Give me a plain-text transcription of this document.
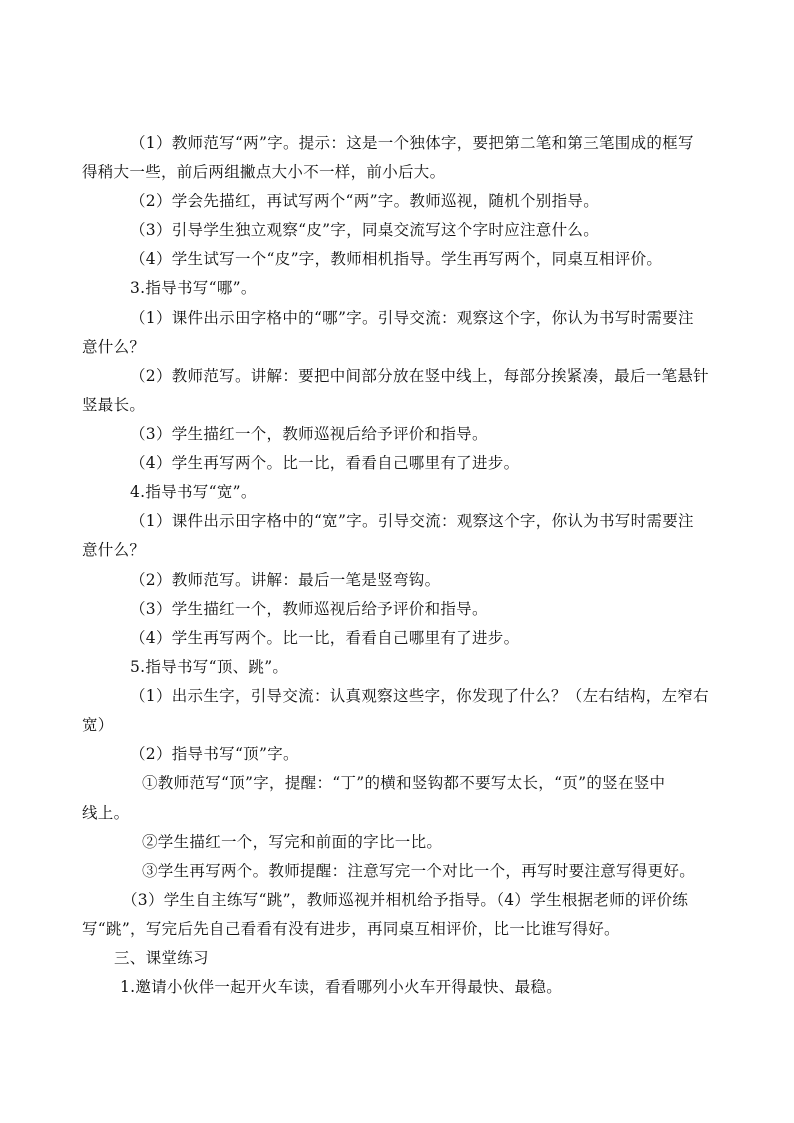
（1）教师范写“两”字。提示：这是一个独体字，要把第二笔和第三笔围成的框写
得稍大一些，前后两组撇点大小不一样，前小后大。
（2）学会先描红，再试写两个“两”字。教师巡视，随机个别指导。
（3）引导学生独立观察“皮”字，同桌交流写这个字时应注意什么。
（4）学生试写一个“皮”字，教师相机指导。学生再写两个，同桌互相评价。
3.指导书写“哪”。
（1）课件出示田字格中的“哪”字。引导交流：观察这个字，你认为书写时需要注
意什么？
（2）教师范写。讲解：要把中间部分放在竖中线上，每部分挨紧凑，最后一笔悬针
竖最长。
（3）学生描红一个，教师巡视后给予评价和指导。
（4）学生再写两个。比一比，看看自己哪里有了进步。
4.指导书写“宽”。
（1）课件出示田字格中的“宽”字。引导交流：观察这个字，你认为书写时需要注
意什么？
（2）教师范写。讲解：最后一笔是竖弯钩。
（3）学生描红一个，教师巡视后给予评价和指导。
（4）学生再写两个。比一比，看看自己哪里有了进步。
5.指导书写“顶、跳”。
（1）出示生字，引导交流：认真观察这些字，你发现了什么？（左右结构，左窄右
宽）
（2）指导书写“顶”字。
①教师范写“顶”字，提醒：“丁”的横和竖钩都不要写太长，“页”的竖在竖中
线上。
②学生描红一个，写完和前面的字比一比。
③学生再写两个。教师提醒：注意写完一个对比一个，再写时要注意写得更好。
（3）学生自主练写“跳”，教师巡视并相机给予指导。（4）学生根据老师的评价练
写“跳”，写完后先自己看看有没有进步，再同桌互相评价，比一比谁写得好。
三、课堂练习
1.邀请小伙伴一起开火车读，看看哪列小火车开得最快、最稳。
